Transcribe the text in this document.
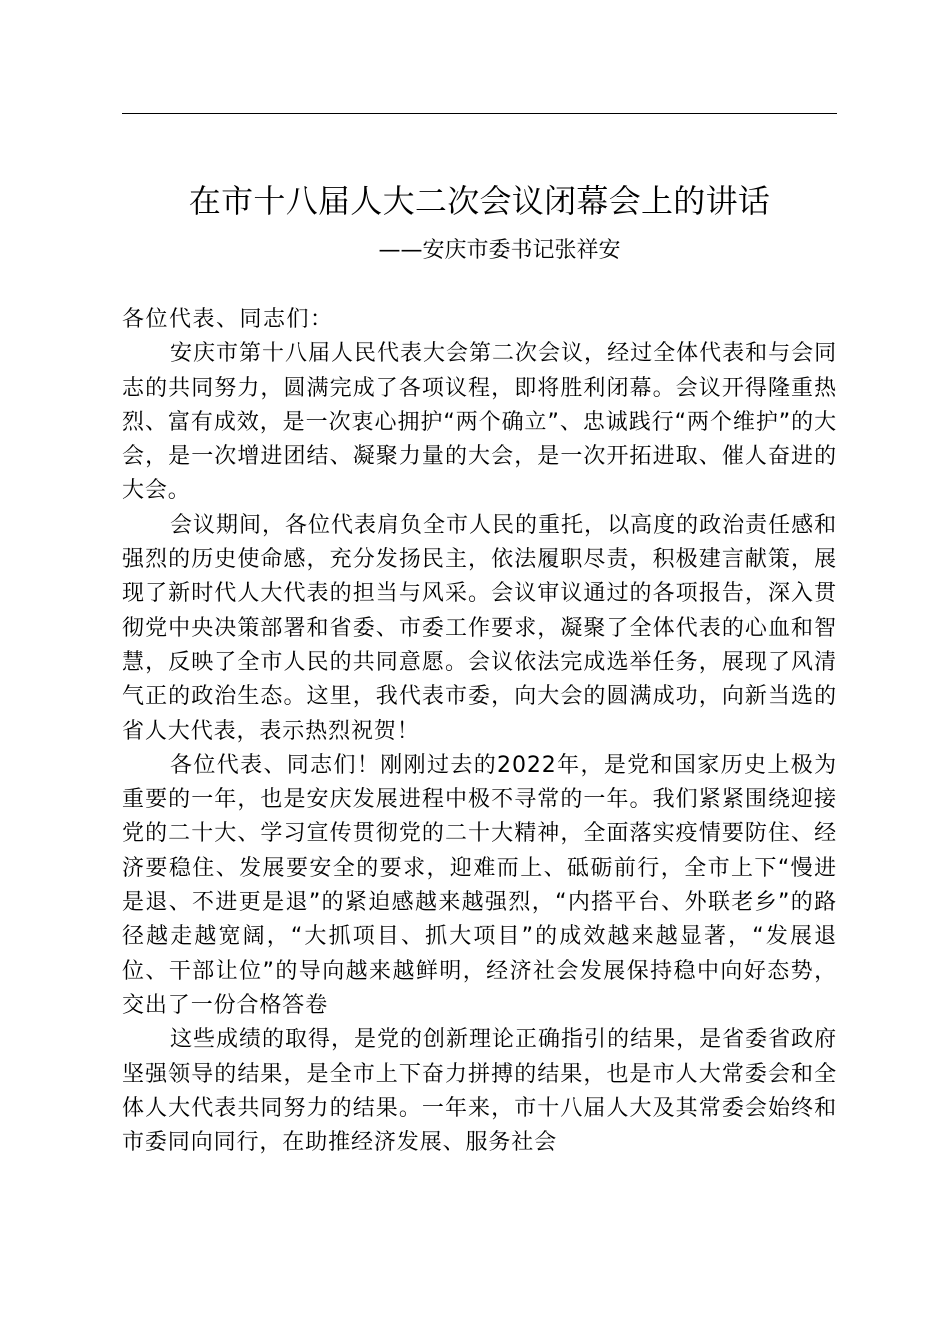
在市十八届人大二次会议闭幕会上的讲话
——安庆市委书记张祥安

各位代表、同志们：

安庆市第十八届人民代表大会第二次会议，经过全体代表和与会同志的共同努力，圆满完成了各项议程，即将胜利闭幕。会议开得隆重热烈、富有成效，是一次衷心拥护“两个确立”、忠诚践行“两个维护”的大会，是一次增进团结、凝聚力量的大会，是一次开拓进取、催人奋进的大会。

会议期间，各位代表肩负全市人民的重托，以高度的政治责任感和强烈的历史使命感，充分发扬民主，依法履职尽责，积极建言献策，展现了新时代人大代表的担当与风采。会议审议通过的各项报告，深入贯彻党中央决策部署和省委、市委工作要求，凝聚了全体代表的心血和智慧，反映了全市人民的共同意愿。会议依法完成选举任务，展现了风清气正的政治生态。这里，我代表市委，向大会的圆满成功，向新当选的省人大代表，表示热烈祝贺！

各位代表、同志们！刚刚过去的2022年，是党和国家历史上极为重要的一年，也是安庆发展进程中极不寻常的一年。我们紧紧围绕迎接党的二十大、学习宣传贯彻党的二十大精神，全面落实疫情要防住、经济要稳住、发展要安全的要求，迎难而上、砥砺前行，全市上下“慢进是退、不进更是退”的紧迫感越来越强烈，“内搭平台、外联老乡”的路径越走越宽阔，“大抓项目、抓大项目”的成效越来越显著，“发展退位、干部让位”的导向越来越鲜明，经济社会发展保持稳中向好态势，交出了一份合格答卷

这些成绩的取得，是党的创新理论正确指引的结果，是省委省政府坚强领导的结果，是全市上下奋力拼搏的结果，也是市人大常委会和全体人大代表共同努力的结果。一年来，市十八届人大及其常委会始终和市委同向同行，在助推经济发展、服务社会
